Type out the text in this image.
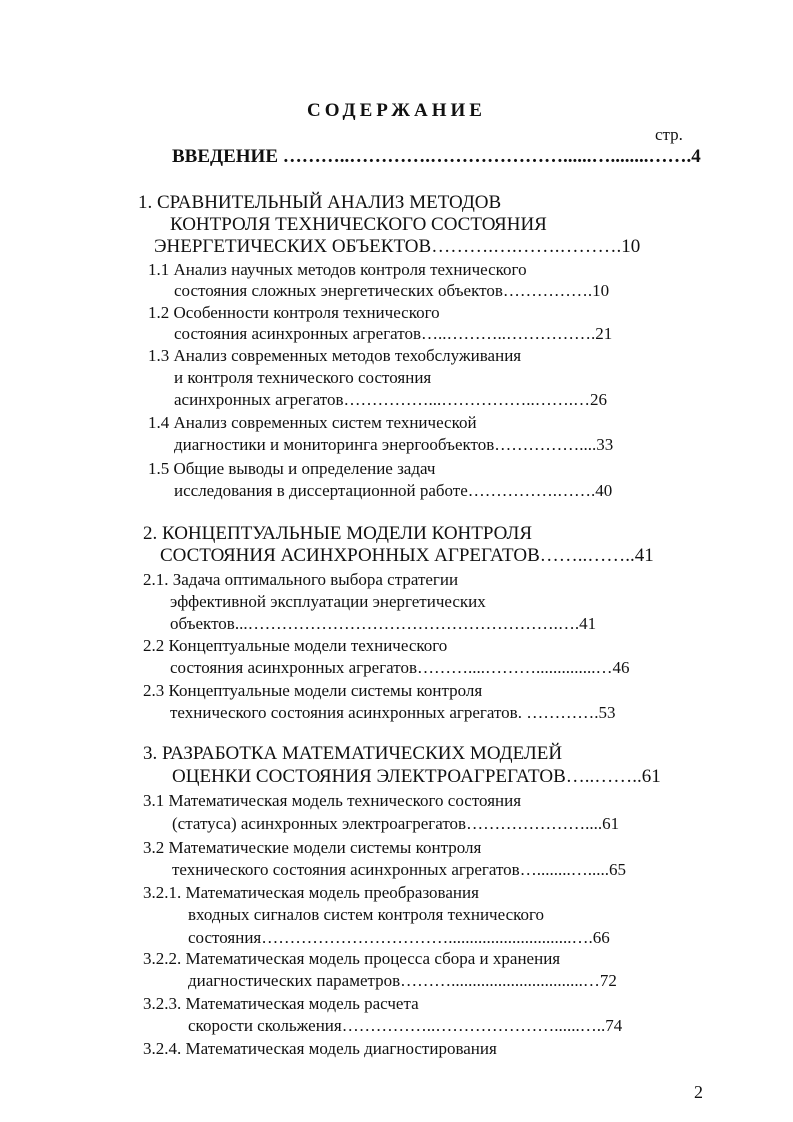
СОДЕРЖАНИЕ
стр.
ВВЕДЕНИЕ ………..………….…………………......…........…….4
1. СРАВНИТЕЛЬНЫЙ АНАЛИЗ МЕТОДОВ
КОНТРОЛЯ ТЕХНИЧЕСКОГО СОСТОЯНИЯ
ЭНЕРГЕТИЧЕСКИХ ОБЪЕКТОВ……….….…….……….10
1.1 Анализ научных методов контроля технического
состояния сложных энергетических объектов…………….10
1.2 Особенности контроля технического
состояния асинхронных агрегатов…..………..…………….21
1.3 Анализ современных методов техобслуживания
и контроля технического состояния
асинхронных агрегатов……………...……………..…….…26
1.4 Анализ современных систем технической
диагностики и мониторинга энергообъектов……………....33
1.5 Общие выводы и определение задач
исследования в диссертационной работе…………….…….40
2. КОНЦЕПТУАЛЬНЫЕ МОДЕЛИ КОНТРОЛЯ
СОСТОЯНИЯ АСИНХРОННЫХ АГРЕГАТОВ……..……..41
2.1. Задача оптимального выбора стратегии
эффективной эксплуатации энергетических
объектов...……………………………………………….….41
2.2 Концептуальные модели технического
состояния асинхронных агрегатов………....………..............…46
2.3 Концептуальные модели системы контроля
технического состояния асинхронных агрегатов. ………….53
3. РАЗРАБОТКА МАТЕМАТИЧЕСКИХ МОДЕЛЕЙ
ОЦЕНКИ СОСТОЯНИЯ ЭЛЕКТРОАГРЕГАТОВ…..……..61
3.1 Математическая модель технического состояния
(статуса) асинхронных электроагрегатов…………………....61
3.2 Математические модели системы контроля
технического состояния асинхронных агрегатов…........….....65
3.2.1. Математическая модель преобразования
входных сигналов систем контроля технического
состояния…………………………….............................….66
3.2.2. Математическая модель процесса сбора и хранения
диагностических параметров………...............................…72
3.2.3. Математическая модель расчета
скорости скольжения……………..…………………......…..74
3.2.4. Математическая модель диагностирования
2
